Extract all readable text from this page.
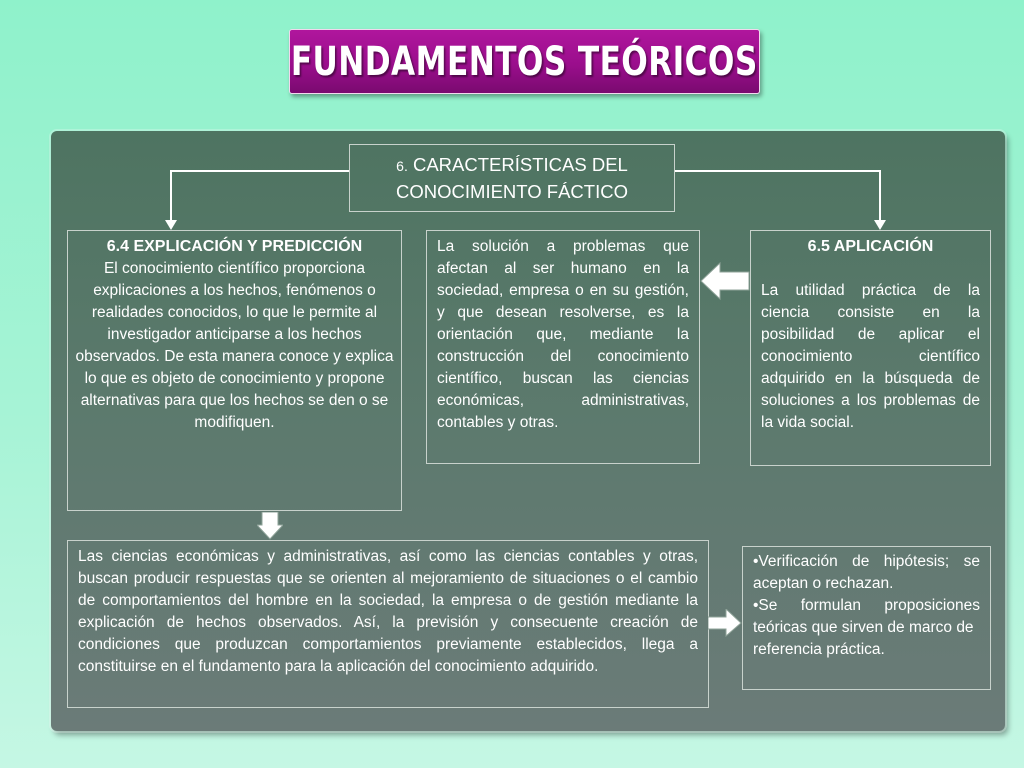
FUNDAMENTOS TEÓRICOS
6. CARACTERÍSTICAS DEL CONOCIMIENTO FÁCTICO
6.4 EXPLICACIÓN Y PREDICCIÓN
El conocimiento científico proporciona explicaciones a los hechos, fenómenos o realidades conocidos, lo que le permite al investigador anticiparse a los hechos observados. De esta manera conoce y explica lo que es objeto de conocimiento y propone alternativas para que los hechos se den o se modifiquen.
La solución a problemas que afectan al ser humano en la sociedad, empresa o en su gestión, y que desean resolverse, es la orientación que, mediante la construcción del conocimiento científico, buscan las ciencias económicas, administrativas, contables y otras.
6.5 APLICACIÓN
La utilidad práctica de la ciencia consiste en la posibilidad de aplicar el conocimiento científico adquirido en la búsqueda de soluciones a los problemas de la vida social.
Las ciencias económicas y administrativas, así como las ciencias contables y otras, buscan producir respuestas que se orienten al mejoramiento de situaciones o el cambio de comportamientos del hombre en la sociedad, la empresa o de gestión mediante la explicación de hechos observados. Así, la previsión y consecuente creación de condiciones que produzcan comportamientos previamente establecidos, llega a constituirse en el fundamento para la aplicación del conocimiento adquirido.
•Verificación de hipótesis; se aceptan o rechazan.
•Se formulan proposiciones teóricas que sirven de marco de
referencia práctica.
